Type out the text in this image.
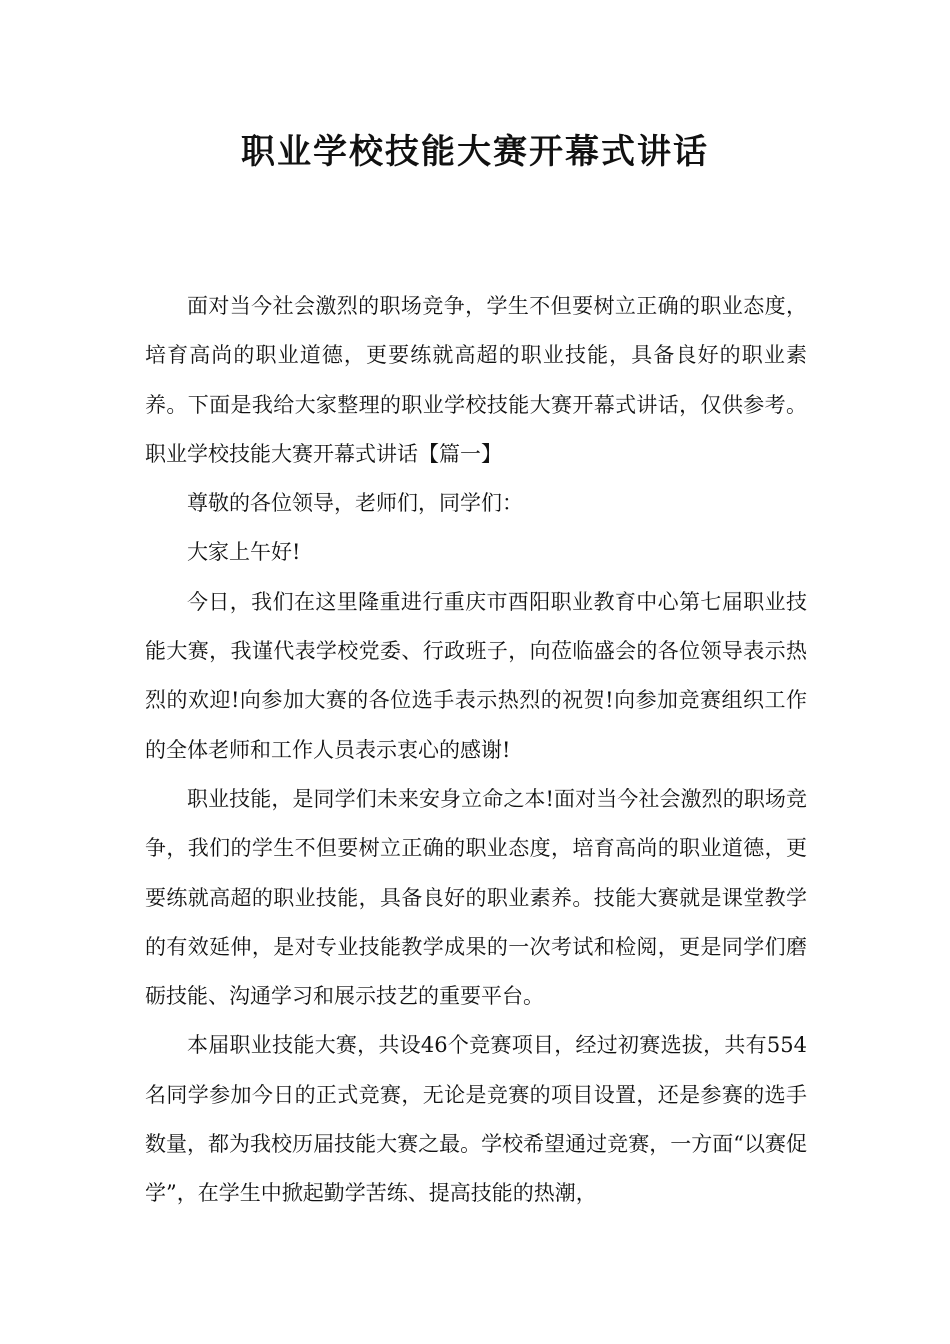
职业学校技能大赛开幕式讲话

面对当今社会激烈的职场竞争，学生不但要树立正确的职业态度，培育高尚的职业道德，更要练就高超的职业技能，具备良好的职业素养。下面是我给大家整理的职业学校技能大赛开幕式讲话，仅供参考。职业学校技能大赛开幕式讲话【篇一】

尊敬的各位领导，老师们，同学们：

大家上午好!

今日，我们在这里隆重进行重庆市酉阳职业教育中心第七届职业技能大赛，我谨代表学校党委、行政班子，向莅临盛会的各位领导表示热烈的欢迎!向参加大赛的各位选手表示热烈的祝贺!向参加竞赛组织工作的全体老师和工作人员表示衷心的感谢!

职业技能，是同学们未来安身立命之本!面对当今社会激烈的职场竞争，我们的学生不但要树立正确的职业态度，培育高尚的职业道德，更要练就高超的职业技能，具备良好的职业素养。技能大赛就是课堂教学的有效延伸，是对专业技能教学成果的一次考试和检阅，更是同学们磨砺技能、沟通学习和展示技艺的重要平台。

本届职业技能大赛，共设46个竞赛项目，经过初赛选拔，共有554名同学参加今日的正式竞赛，无论是竞赛的项目设置，还是参赛的选手数量，都为我校历届技能大赛之最。学校希望通过竞赛，一方面“以赛促学”，在学生中掀起勤学苦练、提高技能的热潮，
